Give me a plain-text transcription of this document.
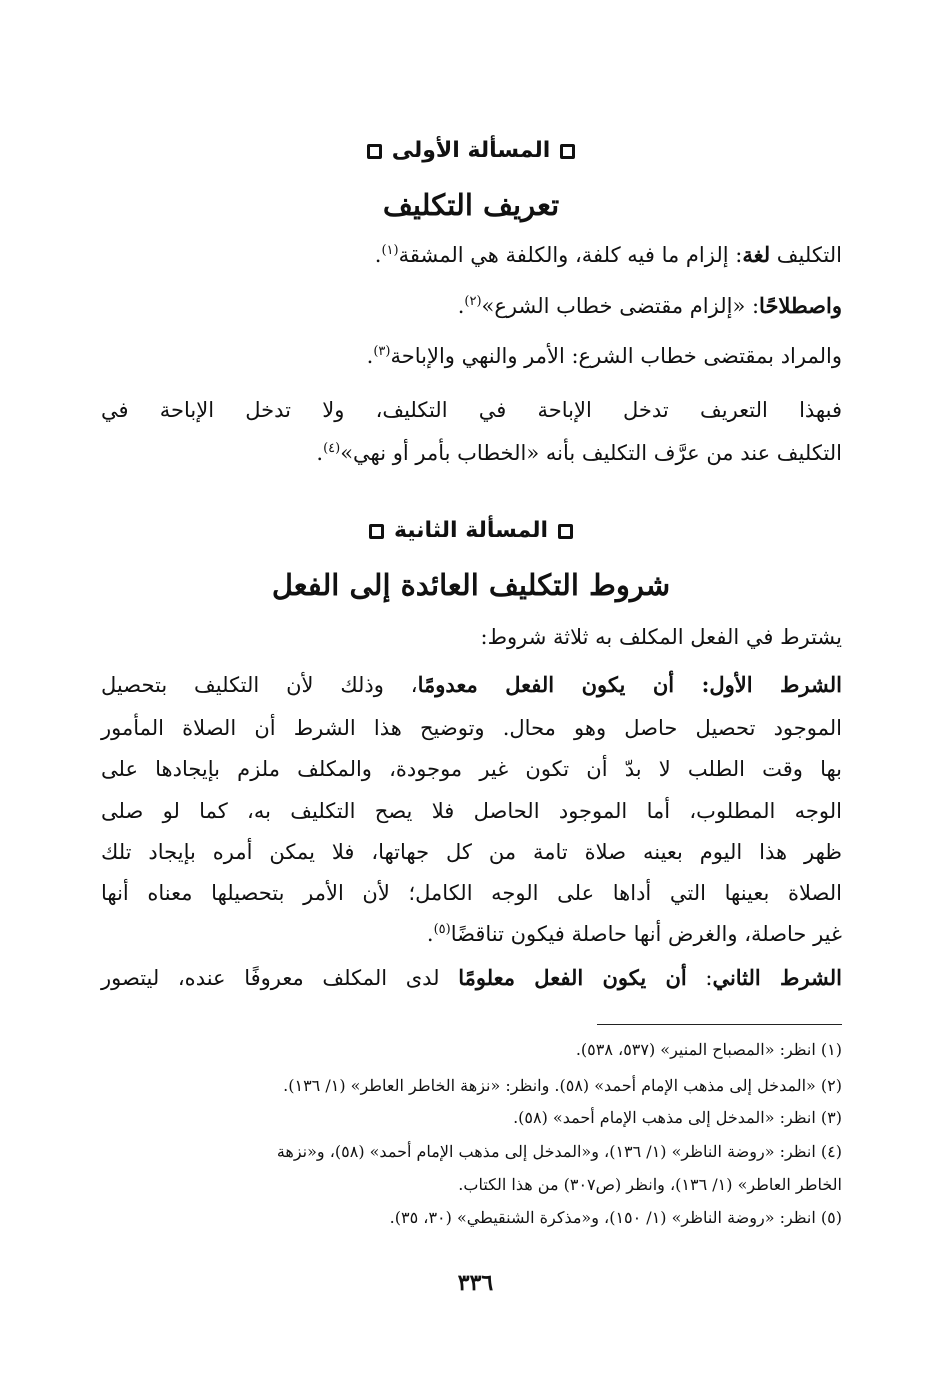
المسألة الأولى
تعريف التكليف
التكليف لغة: إلزام ما فيه كلفة، والكلفة هي المشقة$^{(١)}$.
واصطلاحًا: «إلزام مقتضى خطاب الشرع»$^{(٢)}$.
والمراد بمقتضى خطاب الشرع: الأمر والنهي والإباحة$^{(٣)}$.
فبهذا التعريف تدخل الإباحة في التكليف، ولا تدخل الإباحة في
التكليف عند من عرَّف التكليف بأنه «الخطاب بأمر أو نهي»$^{(٤)}$.
المسألة الثانية
شروط التكليف العائدة إلى الفعل
يشترط في الفعل المكلف به ثلاثة شروط:
الشرط الأول: أن يكون الفعل معدومًا، وذلك لأن التكليف بتحصيل
الموجود تحصيل حاصل وهو محال. وتوضيح هذا الشرط أن الصلاة المأمور
بها وقت الطلب لا بدّ أن تكون غير موجودة، والمكلف ملزم بإيجادها على
الوجه المطلوب، أما الموجود الحاصل فلا يصح التكليف به، كما لو صلى
ظهر هذا اليوم بعينه صلاة تامة من كل جهاتها، فلا يمكن أمره بإيجاد تلك
الصلاة بعينها التي أداها على الوجه الكامل؛ لأن الأمر بتحصيلها معناه أنها
غير حاصلة، والغرض أنها حاصلة فيكون تناقضًا$^{(٥)}$.
الشرط الثاني: أن يكون الفعل معلومًا لدى المكلف معروفًا عنده، ليتصور
(١) انظر: «المصباح المنير» (٥٣٧، ٥٣٨).
(٢) «المدخل إلى مذهب الإمام أحمد» (٥٨). وانظر: «نزهة الخاطر العاطر» (١/ ١٣٦).
(٣) انظر: «المدخل إلى مذهب الإمام أحمد» (٥٨).
(٤) انظر: «روضة الناظر» (١/ ١٣٦)، و«المدخل إلى مذهب الإمام أحمد» (٥٨)، و«نزهة
الخاطر العاطر» (١/ ١٣٦)، وانظر (ص٣٠٧) من هذا الكتاب.
(٥) انظر: «روضة الناظر» (١/ ١٥٠)، و«مذكرة الشنقيطي» (٣٠، ٣٥).
٣٣٦
